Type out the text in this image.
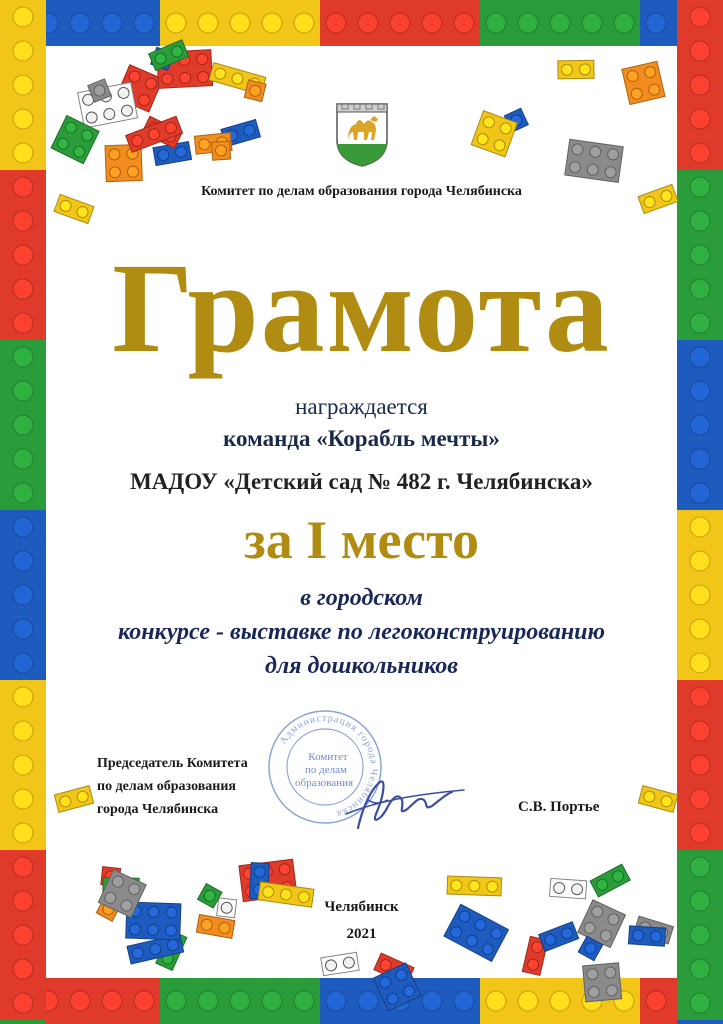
Комитет по делам образования города Челябинска
Грамота
награждается
команда «Корабль мечты»
МАДОУ «Детский сад № 482 г. Челябинска»
за I место
в городском
конкурсе - выставке по легоконструированию
для дошкольников
Администрация города Челябинска
Комитет
по делам
образования
Председатель Комитета
по делам образования
города Челябинска	С.В. Портье
Челябинск
2021
